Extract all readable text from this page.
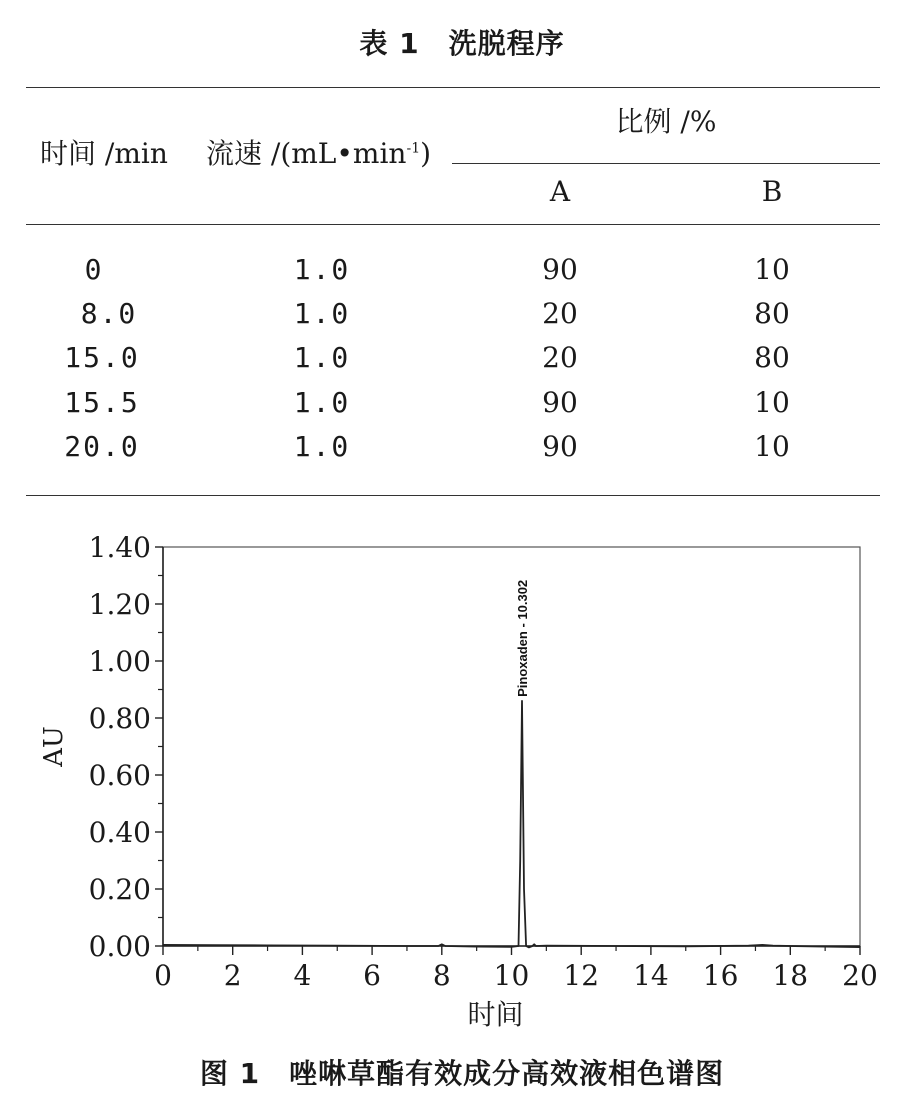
表 1　洗脱程序
时间 /min 流速 $/(mL•\min^{-1})$
比例 /%
A	B
0	1.0	90	10
8.0	1.0	20	80
15.0	1.0	20	80
15.5	1.0	90	10
20.0	1.0	90	10
0 2 4 6 8 10 12 14 16 18 20
0.00
0.20
0.40
0.60
0.80
1.00
1.20
1.40
Pinoxaden - 10.302
AU
时间
图 1　唑啉草酯有效成分高效液相色谱图
